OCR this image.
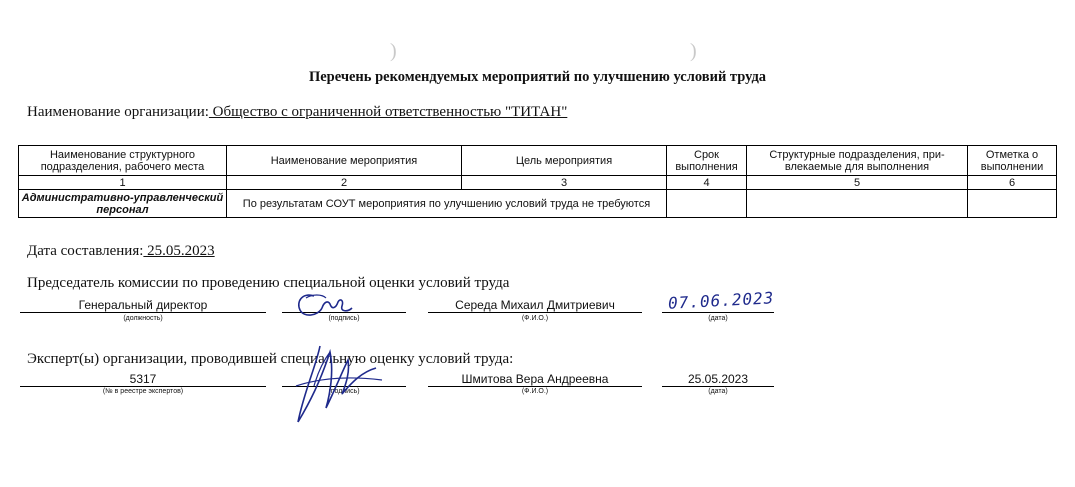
)	)
Перечень рекомендуемых мероприятий по улучшению условий труда
Наименование организации: Общество с ограниченной ответственностью "ТИТАН"
Наименование структурного подразделения, рабочего места	Наименование мероприятия	Цель мероприятия	Срок выполнения	Структурные подразделения, при-влекаемые для выполнения	Отметка о выполнении
1	2	3	4	5	6
Административно-управленческий персонал	По результатам СОУТ мероприятия по улучшению условий труда не требуются				
Дата составления: 25.05.2023
Председатель комиссии по проведению специальной оценки условий труда
Генеральный директор
(должность)	(подпись)
Середа Михаил Дмитриевич
(Ф.И.О.)
07.06.2023
(дата)
Эксперт(ы) организации, проводившей специальную оценку условий труда:
5317
(№ в реестре экспертов)	(подпись)
Шмитова Вера Андреевна
(Ф.И.О.)
25.05.2023
(дата)
